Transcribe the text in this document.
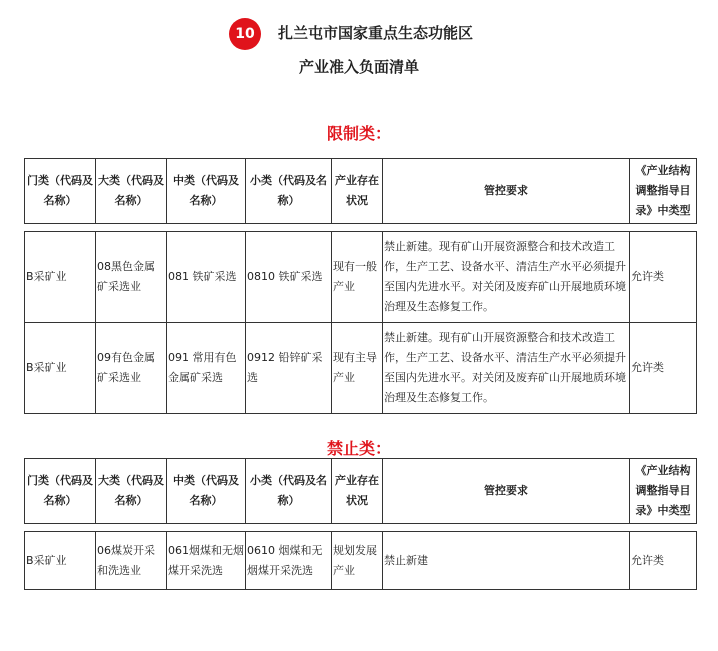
10	扎兰屯市国家重点生态功能区
产业准入负面清单
限制类：
门类（代码及名称）	大类（代码及名称）	中类（代码及名称）	小类（代码及名称）	产业存在状况	管控要求	《产业结构调整指导目录》中类型

B采矿业	08黑色金属矿采选业	081 铁矿采选	0810 铁矿采选	现有一般产业	禁止新建。现有矿山开展资源整合和技术改造工作，生产工艺、设备水平、清洁生产水平必须提升至国内先进水平。对关闭及废弃矿山开展地质环境治理及生态修复工作。	允许类
B采矿业	09有色金属矿采选业	091 常用有色金属矿采选	0912 铅锌矿采选	现有主导产业	禁止新建。现有矿山开展资源整合和技术改造工作，生产工艺、设备水平、清洁生产水平必须提升至国内先进水平。对关闭及废弃矿山开展地质环境治理及生态修复工作。	允许类
禁止类：
门类（代码及名称）	大类（代码及名称）	中类（代码及名称）	小类（代码及名称）	产业存在状况	管控要求	《产业结构调整指导目录》中类型

B采矿业	06煤炭开采和洗选业	061烟煤和无烟煤开采洗选	0610 烟煤和无烟煤开采洗选	规划发展产业	禁止新建	允许类
